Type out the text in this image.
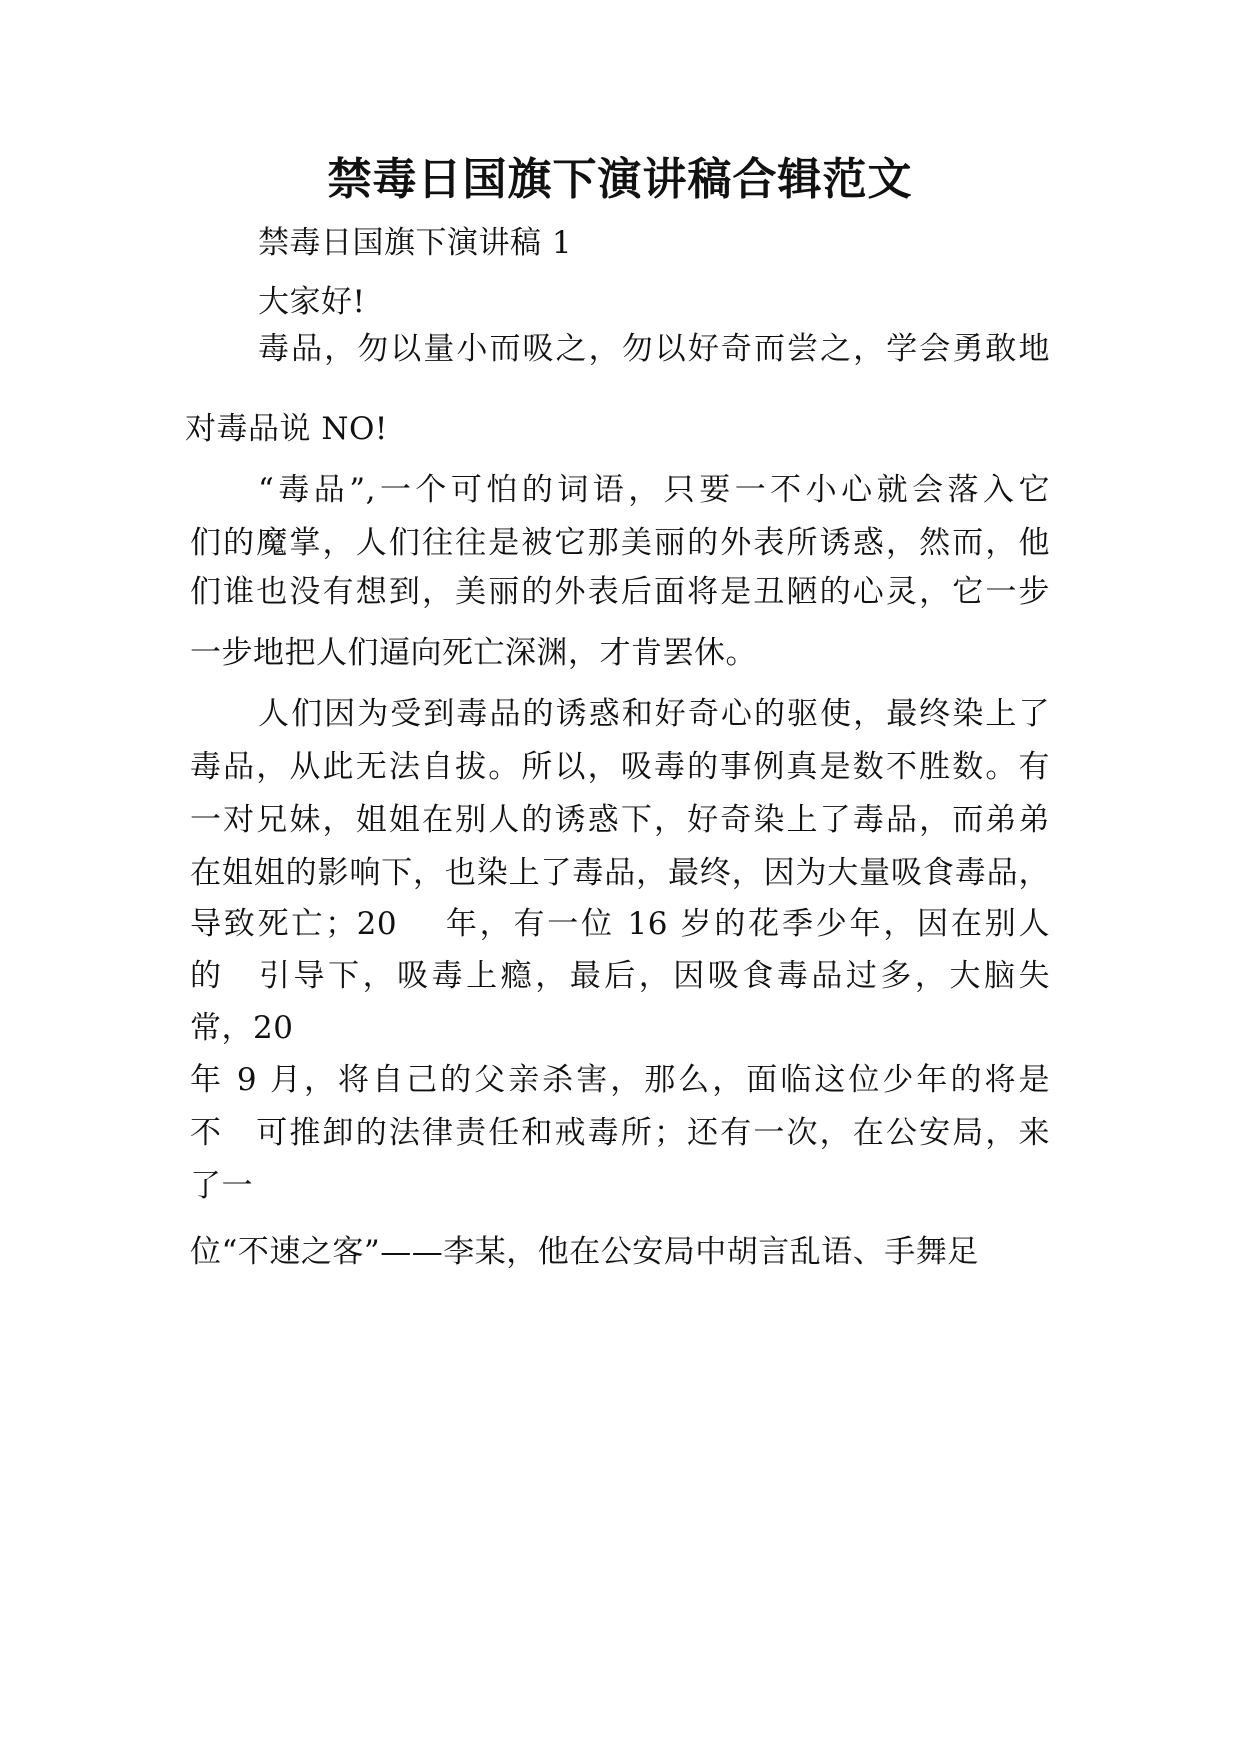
禁毒日国旗下演讲稿合辑范文
禁毒日国旗下演讲稿 1
大家好!
毒品，勿以量小而吸之，勿以好奇而尝之，学会勇敢地
对毒品说 NO!
“毒品”,一个可怕的词语，只要一不小心就会落入它
们的魔掌，人们往往是被它那美丽的外表所诱惑，然而，他
们谁也没有想到，美丽的外表后面将是丑陋的心灵，它一步
一步地把人们逼向死亡深渊，才肯罢休。
人们因为受到毒品的诱惑和好奇心的驱使，最终染上了
毒品，从此无法自拔。所以，吸毒的事例真是数不胜数。有
一对兄妹，姐姐在别人的诱惑下，好奇染上了毒品，而弟弟
在姐姐的影响下，也染上了毒品，最终，因为大量吸食毒品，
导致死亡；20　 年，有一位 16 岁的花季少年，因在别人
的　引导下，吸毒上瘾，最后，因吸食毒品过多，大脑失
常，20
年 9 月，将自己的父亲杀害，那么，面临这位少年的将是
不　可推卸的法律责任和戒毒所；还有一次，在公安局，来
了一
位“不速之客”——李某，他在公安局中胡言乱语、手舞足
